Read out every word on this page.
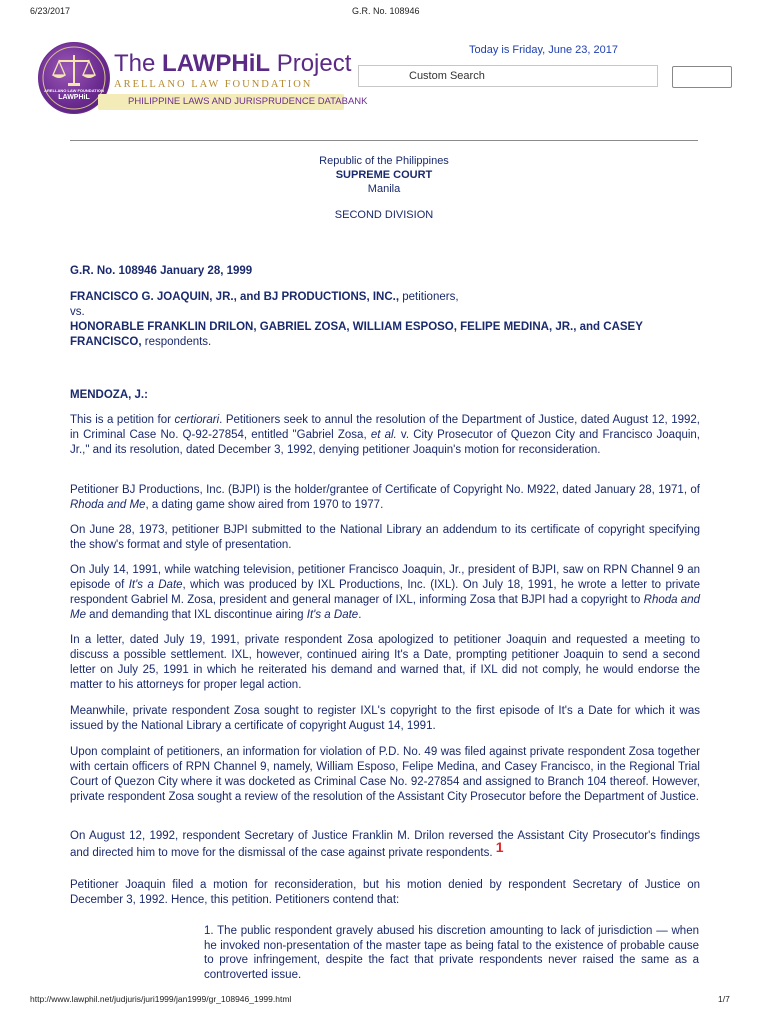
6/23/2017	G.R. No. 108946
ARELLANO LAW FOUNDATION
LAWPHiL
The LAWPHiL Project
ARELLANO LAW FOUNDATION
PHILIPPINE LAWS AND JURISPRUDENCE DATABANK
Today is Friday, June 23, 2017
Custom Search
Republic of the Philippines
SUPREME COURT
Manila
SECOND DIVISION
G.R. No. 108946 January 28, 1999
FRANCISCO G. JOAQUIN, JR., and BJ PRODUCTIONS, INC., petitioners,
vs.
HONORABLE FRANKLIN DRILON, GABRIEL ZOSA, WILLIAM ESPOSO, FELIPE MEDINA, JR., and CASEY FRANCISCO, respondents.
MENDOZA, J.:
This is a petition for certiorari. Petitioners seek to annul the resolution of the Department of Justice, dated August 12, 1992, in Criminal Case No. Q-92-27854, entitled "Gabriel Zosa, et al. v. City Prosecutor of Quezon City and Francisco Joaquin, Jr.," and its resolution, dated December 3, 1992, denying petitioner Joaquin's motion for reconsideration.
Petitioner BJ Productions, Inc. (BJPI) is the holder/grantee of Certificate of Copyright No. M922, dated January 28, 1971, of Rhoda and Me, a dating game show aired from 1970 to 1977.
On June 28, 1973, petitioner BJPI submitted to the National Library an addendum to its certificate of copyright specifying the show's format and style of presentation.
On July 14, 1991, while watching television, petitioner Francisco Joaquin, Jr., president of BJPI, saw on RPN Channel 9 an episode of It's a Date, which was produced by IXL Productions, Inc. (IXL). On July 18, 1991, he wrote a letter to private respondent Gabriel M. Zosa, president and general manager of IXL, informing Zosa that BJPI had a copyright to Rhoda and Me and demanding that IXL discontinue airing It's a Date.
In a letter, dated July 19, 1991, private respondent Zosa apologized to petitioner Joaquin and requested a meeting to discuss a possible settlement. IXL, however, continued airing It's a Date, prompting petitioner Joaquin to send a second letter on July 25, 1991 in which he reiterated his demand and warned that, if IXL did not comply, he would endorse the matter to his attorneys for proper legal action.
Meanwhile, private respondent Zosa sought to register IXL's copyright to the first episode of It's a Date for which it was issued by the National Library a certificate of copyright August 14, 1991.
Upon complaint of petitioners, an information for violation of P.D. No. 49 was filed against private respondent Zosa together with certain officers of RPN Channel 9, namely, William Esposo, Felipe Medina, and Casey Francisco, in the Regional Trial Court of Quezon City where it was docketed as Criminal Case No. 92-27854 and assigned to Branch 104 thereof. However, private respondent Zosa sought a review of the resolution of the Assistant City Prosecutor before the Department of Justice.
On August 12, 1992, respondent Secretary of Justice Franklin M. Drilon reversed the Assistant City Prosecutor's findings and directed him to move for the dismissal of the case against private respondents. 1
Petitioner Joaquin filed a motion for reconsideration, but his motion denied by respondent Secretary of Justice on December 3, 1992. Hence, this petition. Petitioners contend that:
1. The public respondent gravely abused his discretion amounting to lack of jurisdiction — when he invoked non-presentation of the master tape as being fatal to the existence of probable cause to prove infringement, despite the fact that private respondents never raised the same as a controverted issue.
http://www.lawphil.net/judjuris/juri1999/jan1999/gr_108946_1999.html	1/7
